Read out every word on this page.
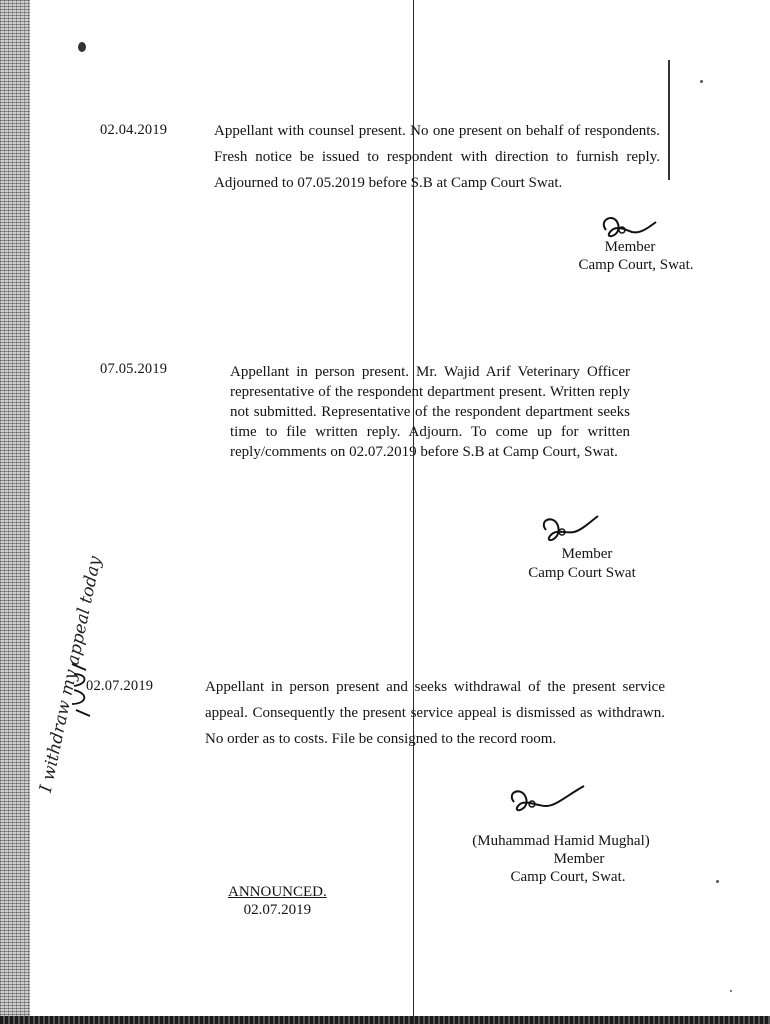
02.04.2019	Appellant with counsel present. No one present on behalf of respondents. Fresh notice be issued to respondent with direction to furnish reply. Adjourned to 07.05.2019 before S.B at Camp Court Swat.

Member
Camp Court, Swat.
07.05.2019	Appellant in person present. Mr. Wajid Arif Veterinary Officer representative of the respondent department present. Written reply not submitted. Representative of the respondent department seeks time to file written reply. Adjourn. To come up for written reply/comments on 02.07.2019 before S.B at Camp Court, Swat.

Member
Camp Court Swat
02.07.2019	Appellant in person present and seeks withdrawal of the present service appeal. Consequently the present service appeal is dismissed as withdrawn. No order as to costs. File be consigned to the record room.

(Muhammad Hamid Mughal)
Member
Camp Court, Swat.
ANNOUNCED.
02.07.2019
I withdraw my appeal today
